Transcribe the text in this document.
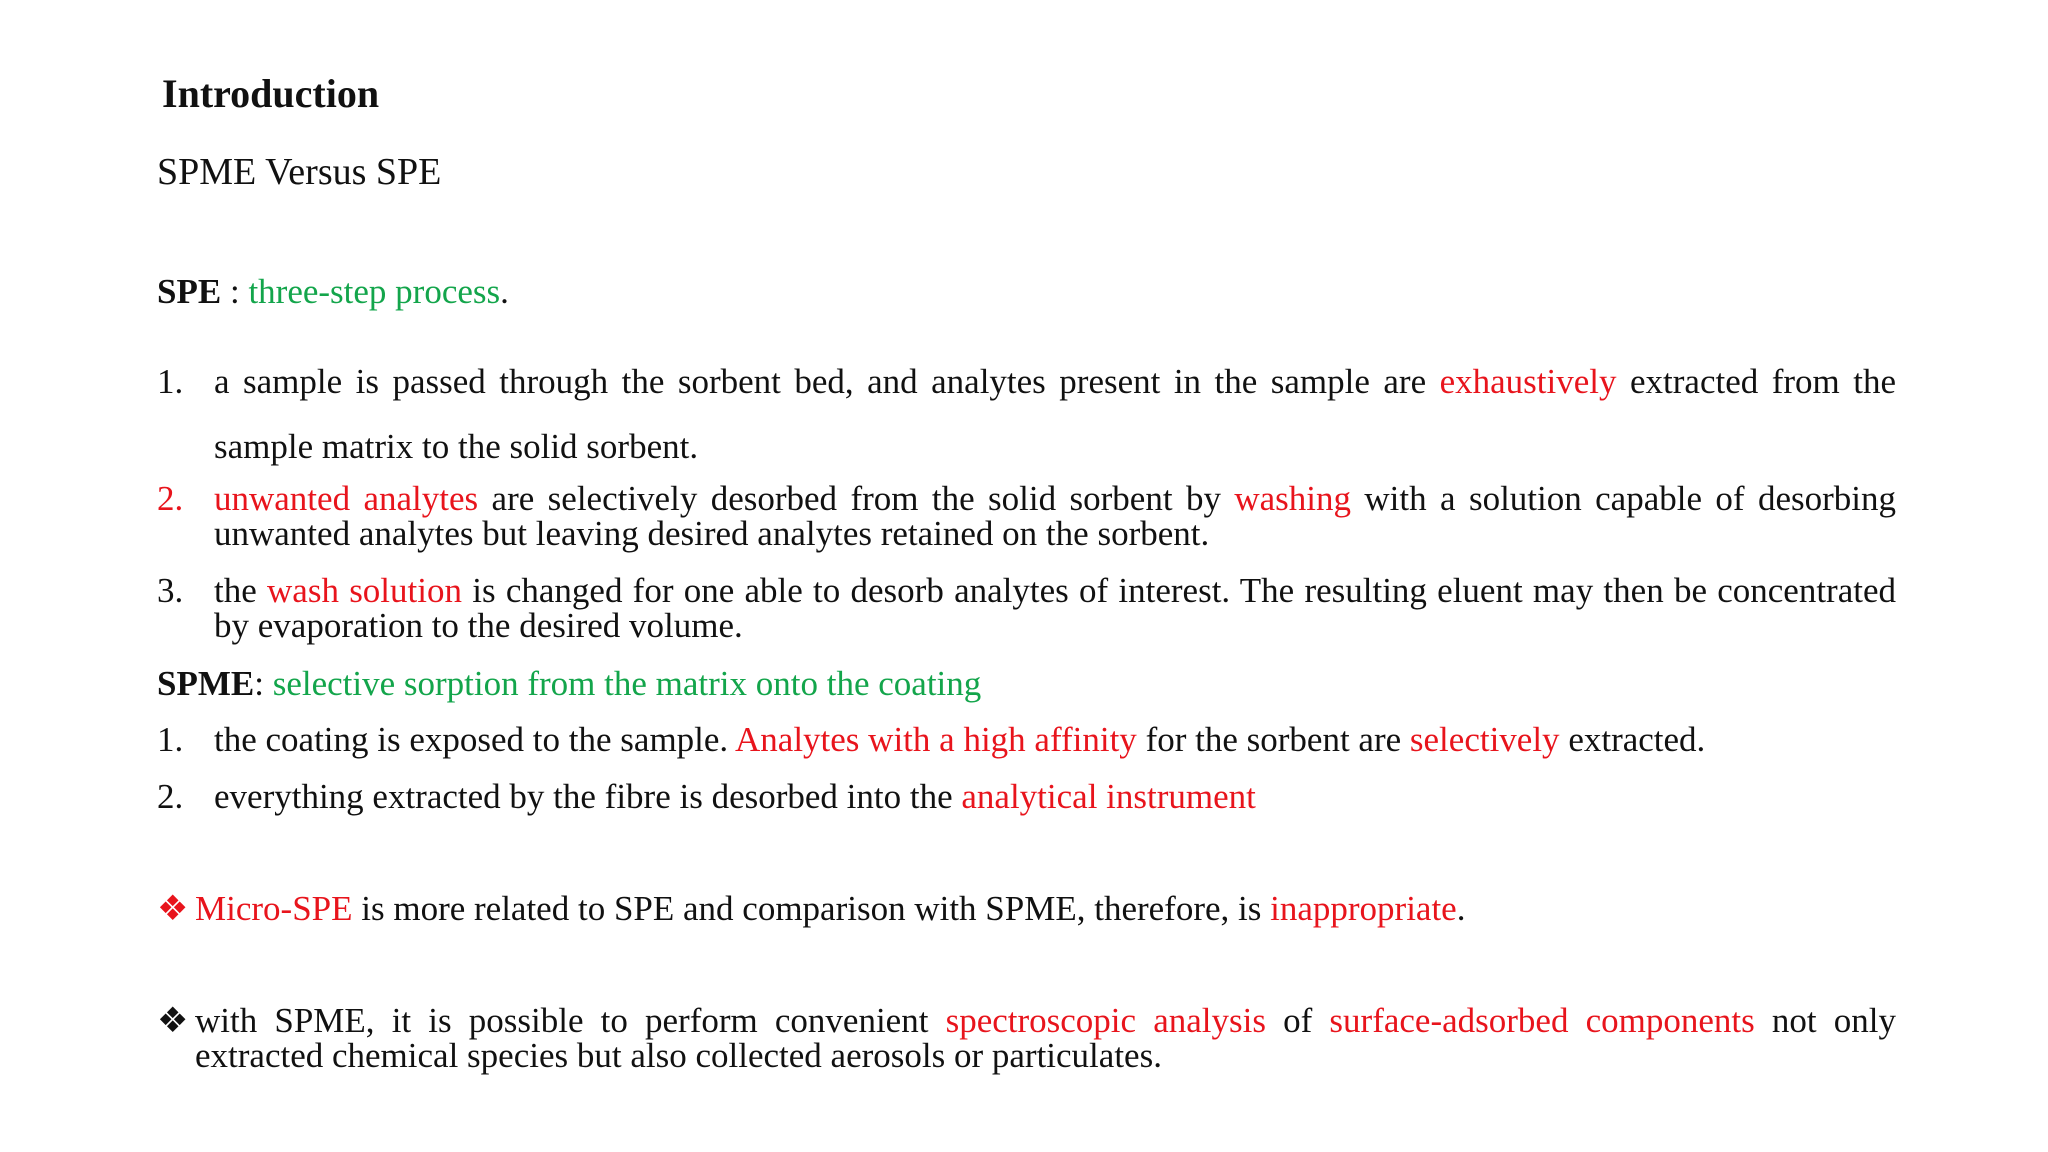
Introduction
SPME Versus SPE
SPE : three-step process.
1. a sample is passed through the sorbent bed, and analytes present in the sample are exhaustively extracted from the sample matrix to the solid sorbent.
2. unwanted analytes are selectively desorbed from the solid sorbent by washing with a solution capable of desorbing unwanted analytes but leaving desired analytes retained on the sorbent.
3. the wash solution is changed for one able to desorb analytes of interest. The resulting eluent may then be concentrated by evaporation to the desired volume.
SPME: selective sorption from the matrix onto the coating
1. the coating is exposed to the sample. Analytes with a high affinity for the sorbent are selectively extracted.
2. everything extracted by the fibre is desorbed into the analytical instrument
❖ Micro-SPE is more related to SPE and comparison with SPME, therefore, is inappropriate.
❖ with SPME, it is possible to perform convenient spectroscopic analysis of surface-adsorbed components not only extracted chemical species but also collected aerosols or particulates.
